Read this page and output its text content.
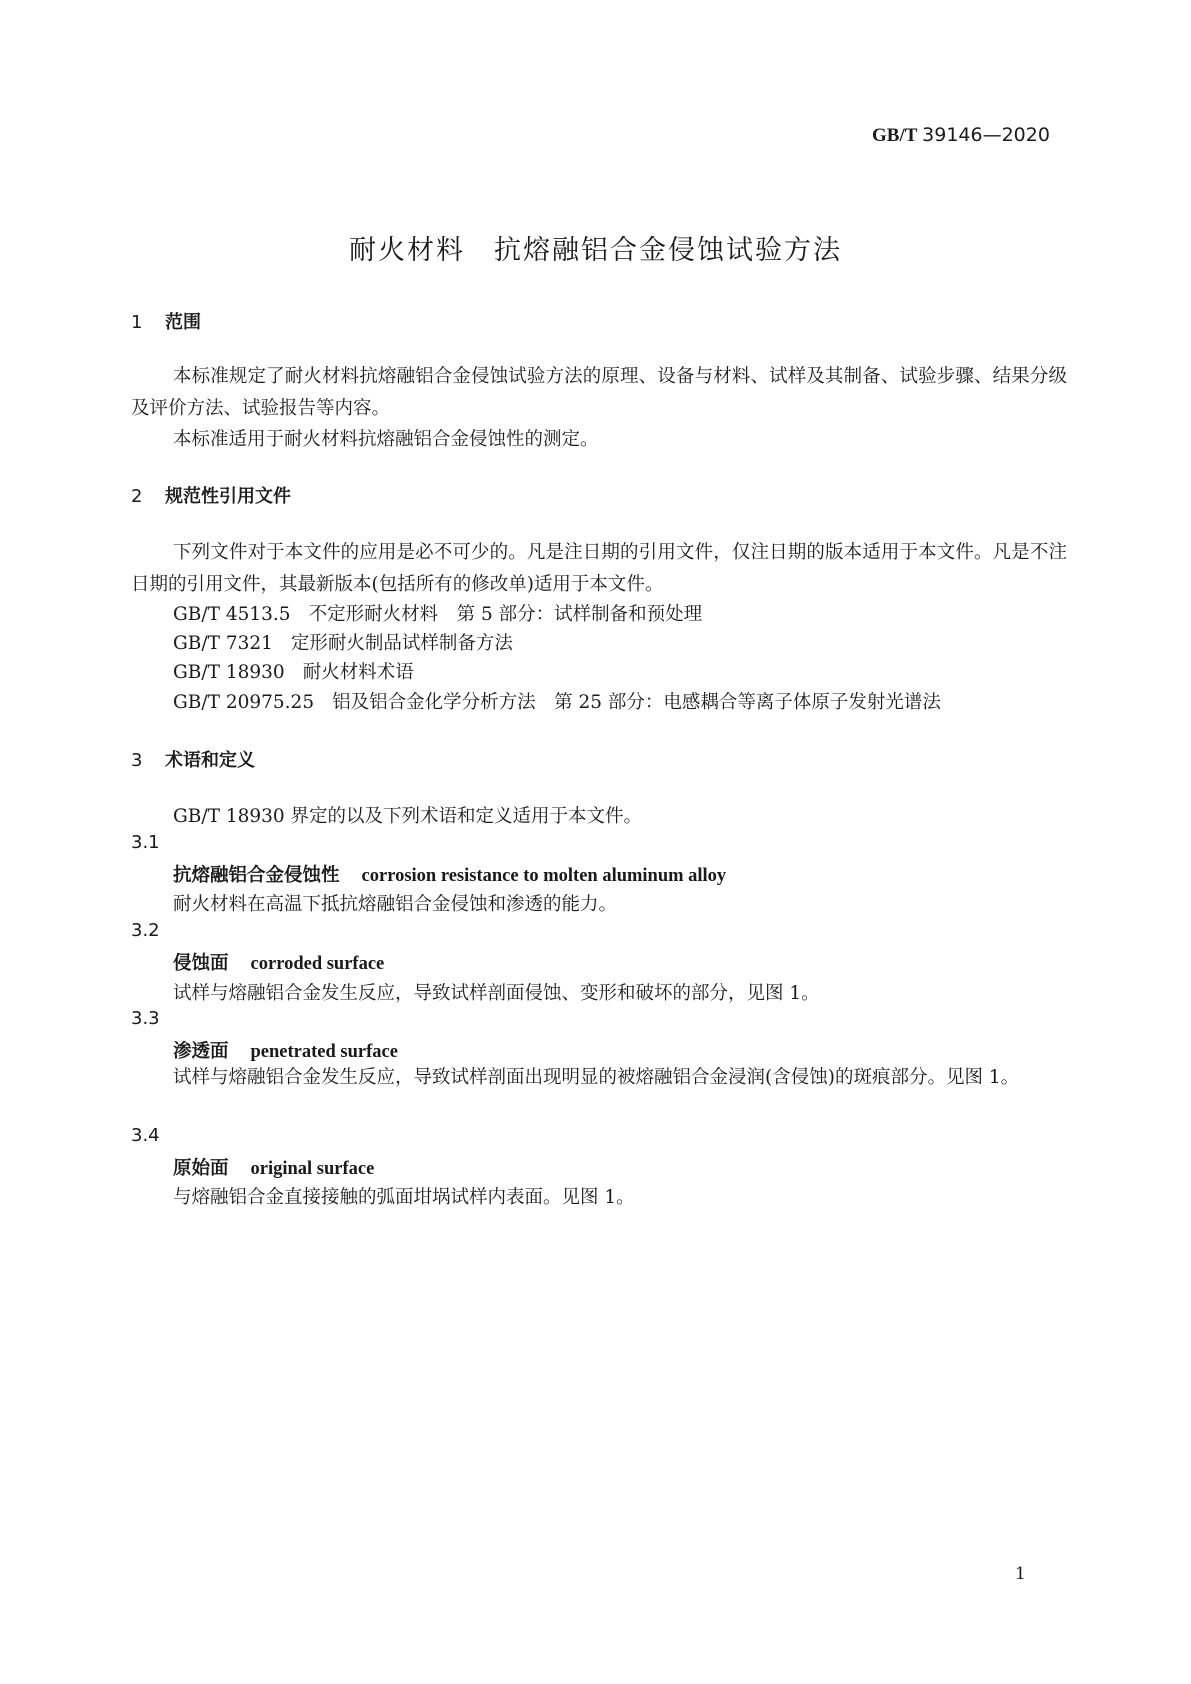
GB/T 39146—2020
耐火材料　抗熔融铝合金侵蚀试验方法
1 范围
本标准规定了耐火材料抗熔融铝合金侵蚀试验方法的原理、设备与材料、试样及其制备、试验步骤、结果分级及评价方法、试验报告等内容。
本标准适用于耐火材料抗熔融铝合金侵蚀性的测定。
2 规范性引用文件
下列文件对于本文件的应用是必不可少的。凡是注日期的引用文件，仅注日期的版本适用于本文件。凡是不注日期的引用文件，其最新版本(包括所有的修改单)适用于本文件。
GB/T 4513.5 不定形耐火材料　第 5 部分：试样制备和预处理
GB/T 7321 定形耐火制品试样制备方法
GB/T 18930 耐火材料术语
GB/T 20975.25 铝及铝合金化学分析方法　第 25 部分：电感耦合等离子体原子发射光谱法
3 术语和定义
GB/T 18930 界定的以及下列术语和定义适用于本文件。
3.1
抗熔融铝合金侵蚀性 corrosion resistance to molten aluminum alloy
耐火材料在高温下抵抗熔融铝合金侵蚀和渗透的能力。
3.2
侵蚀面 corroded surface
试样与熔融铝合金发生反应，导致试样剖面侵蚀、变形和破坏的部分，见图 1。
3.3
渗透面 penetrated surface
试样与熔融铝合金发生反应，导致试样剖面出现明显的被熔融铝合金浸润(含侵蚀)的斑痕部分。见图 1。
3.4
原始面 original surface
与熔融铝合金直接接触的弧面坩埚试样内表面。见图 1。
1
